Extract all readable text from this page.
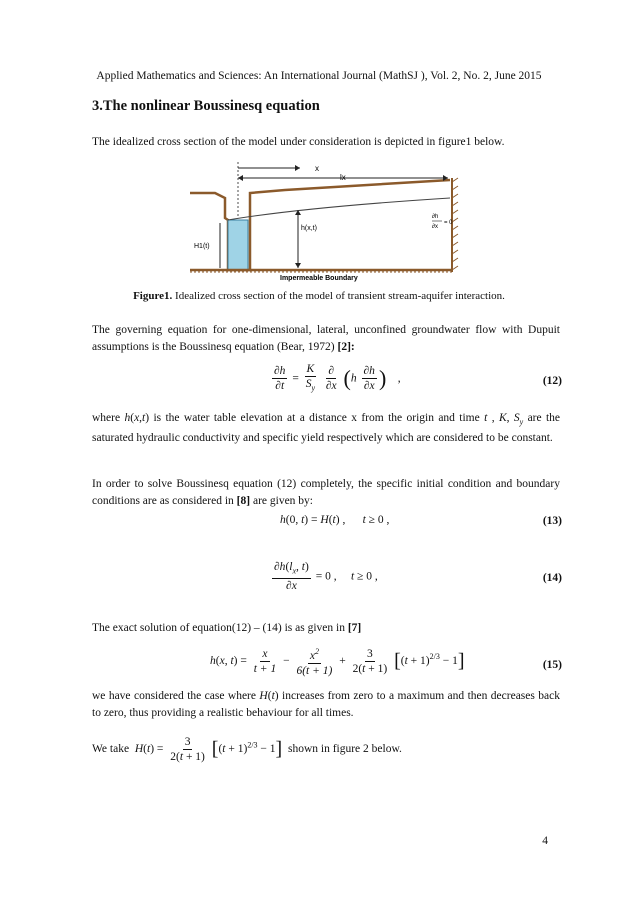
Applied Mathematics and Sciences: An International Journal (MathSJ ), Vol. 2, No. 2, June 2015
3.The nonlinear Boussinesq equation
The idealized cross section of the model under consideration is depicted in figure1 below.
x
lx
H1(t)
h(x,t)
∂h
∂x
= 0
Impermeable Boundary
Figure1. Idealized cross section of the model of transient stream-aquifer interaction.
The governing equation for one-dimensional, lateral, unconfined groundwater flow with Dupuit assumptions is the Boussinesq equation (Bear, 1972) [2]:
$\frac{\partial h}{\partial t} = \frac{K}{S_y}$
$\frac{\partial}{\partial x} (h \frac{\partial h}{\partial x}$ )    ,	(12)
where h(x,t) is the water table elevation at a distance x from the origin and time t , K, $S_y$ are the saturated hydraulic conductivity and specific yield respectively which are considered to be constant.
In order to solve Boussinesq equation (12) completely, the specific initial condition and boundary conditions are as considered in [8] are given by:
h(0, t) = H(t) ,      t ≥ 0 ,	(13)
$\frac{\partial h(l_x, t)}{\partial x} = 0$ ,     t ≥ 0 ,	(14)
The exact solution of equation(12) – (14) is as given in [7]
h(x, $t) = \frac{x}{t + 1} - \frac{x^2}{6(t + 1)} + \frac{3}{2(t + 1)} [(t + 1)^{2/3} - 1]$	(15)
we have considered the case where H(t) increases from zero to a maximum and then decreases back to zero, thus providing a realistic behaviour for all times.
We take $H(t) = \frac{3}{2(t + 1)} [(t + 1)^{2/3} - 1]$ shown in figure 2 below.
4
